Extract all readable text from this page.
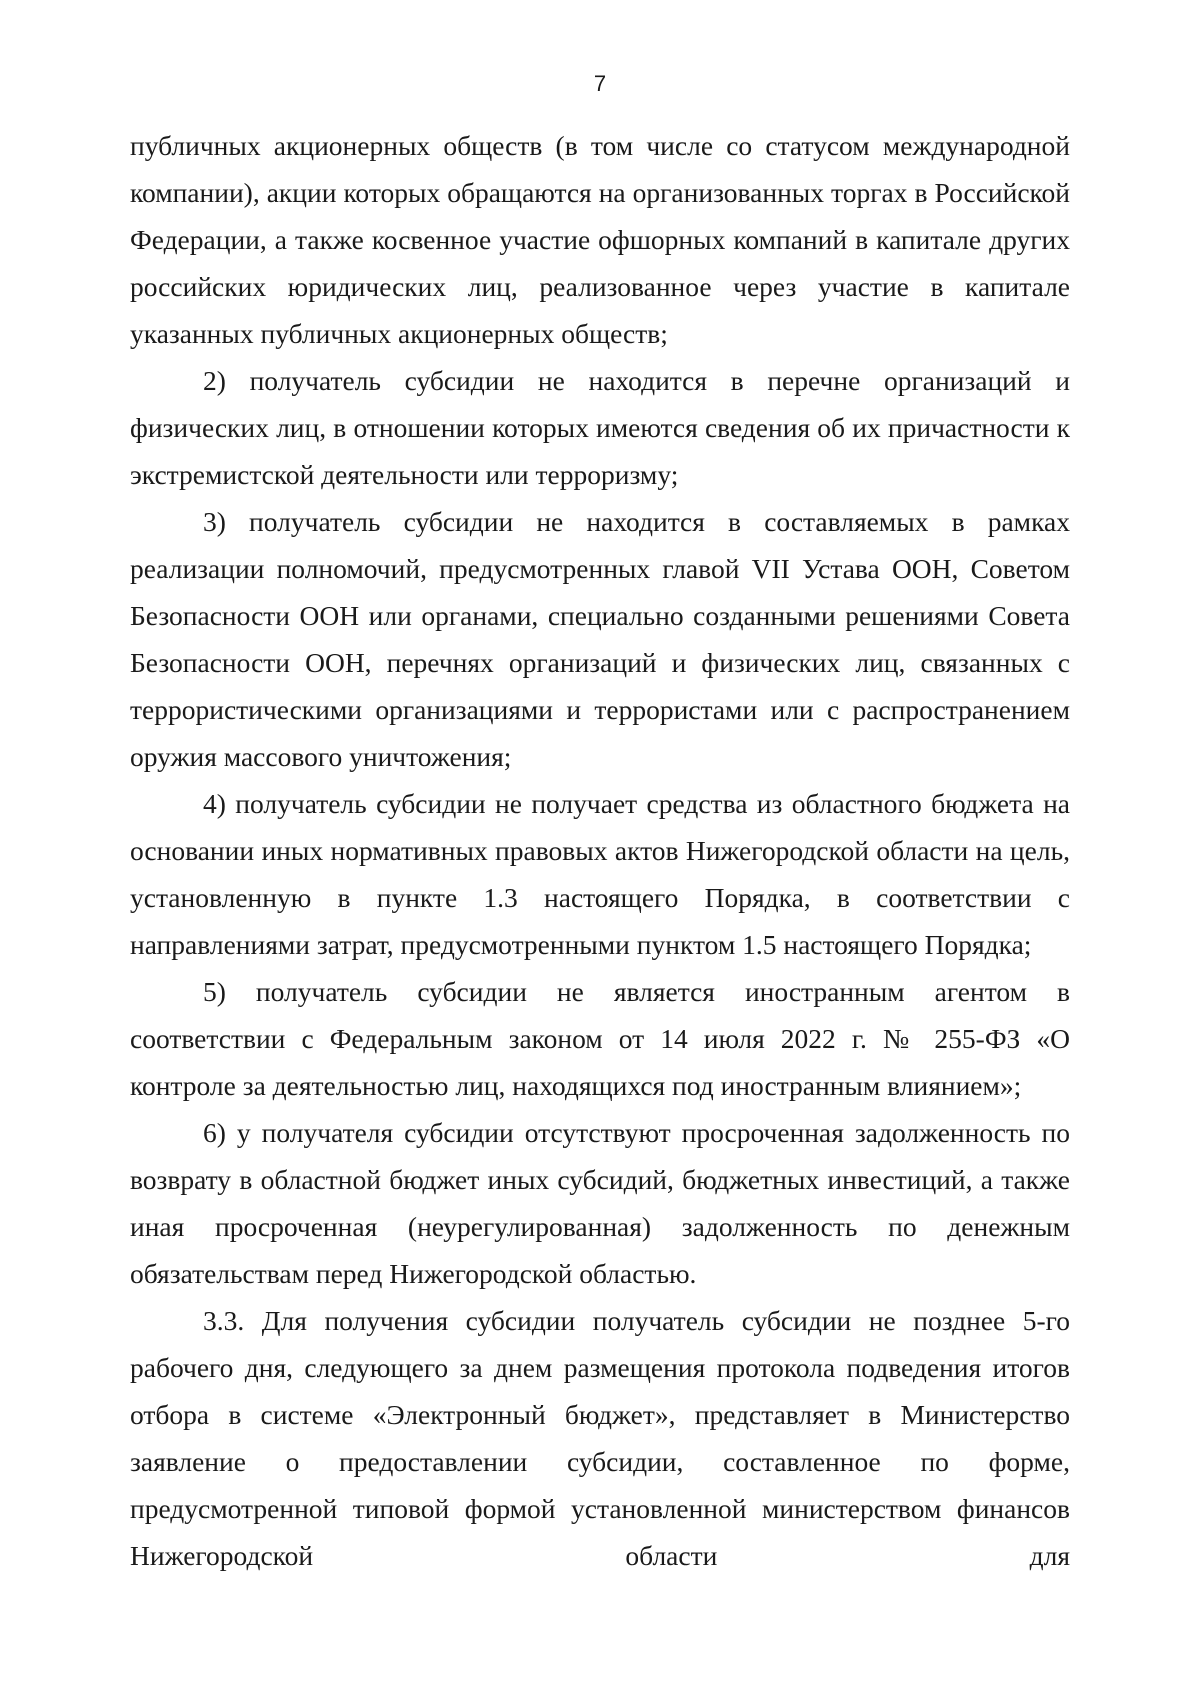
7

публичных акционерных обществ (в том числе со статусом международной компании), акции которых обращаются на организованных торгах в Российской Федерации, а также косвенное участие офшорных компаний в капитале других российских юридических лиц, реализованное через участие в капитале указанных публичных акционерных обществ;

2) получатель субсидии не находится в перечне организаций и физических лиц, в отношении которых имеются сведения об их причастности к экстремистской деятельности или терроризму;

3) получатель субсидии не находится в составляемых в рамках реализации полномочий, предусмотренных главой VII Устава ООН, Советом Безопасности ООН или органами, специально созданными решениями Совета Безопасности ООН, перечнях организаций и физических лиц, связанных с террористическими организациями и террористами или с распространением оружия массового уничтожения;

4) получатель субсидии не получает средства из областного бюджета на основании иных нормативных правовых актов Нижегородской области на цель, установленную в пункте 1.3 настоящего Порядка, в соответствии с направлениями затрат, предусмотренными пунктом 1.5 настоящего Порядка;

5) получатель субсидии не является иностранным агентом в соответствии с Федеральным законом от 14 июля 2022 г. № 255-ФЗ «О контроле за деятельностью лиц, находящихся под иностранным влиянием»;

6) у получателя субсидии отсутствуют просроченная задолженность по возврату в областной бюджет иных субсидий, бюджетных инвестиций, а также иная просроченная (неурегулированная) задолженность по денежным обязательствам перед Нижегородской областью.

3.3. Для получения субсидии получатель субсидии не позднее 5-го рабочего дня, следующего за днем размещения протокола подведения итогов отбора в системе «Электронный бюджет», представляет в Министерство заявление о предоставлении субсидии, составленное по форме, предусмотренной типовой формой установленной министерством финансов Нижегородской области для
